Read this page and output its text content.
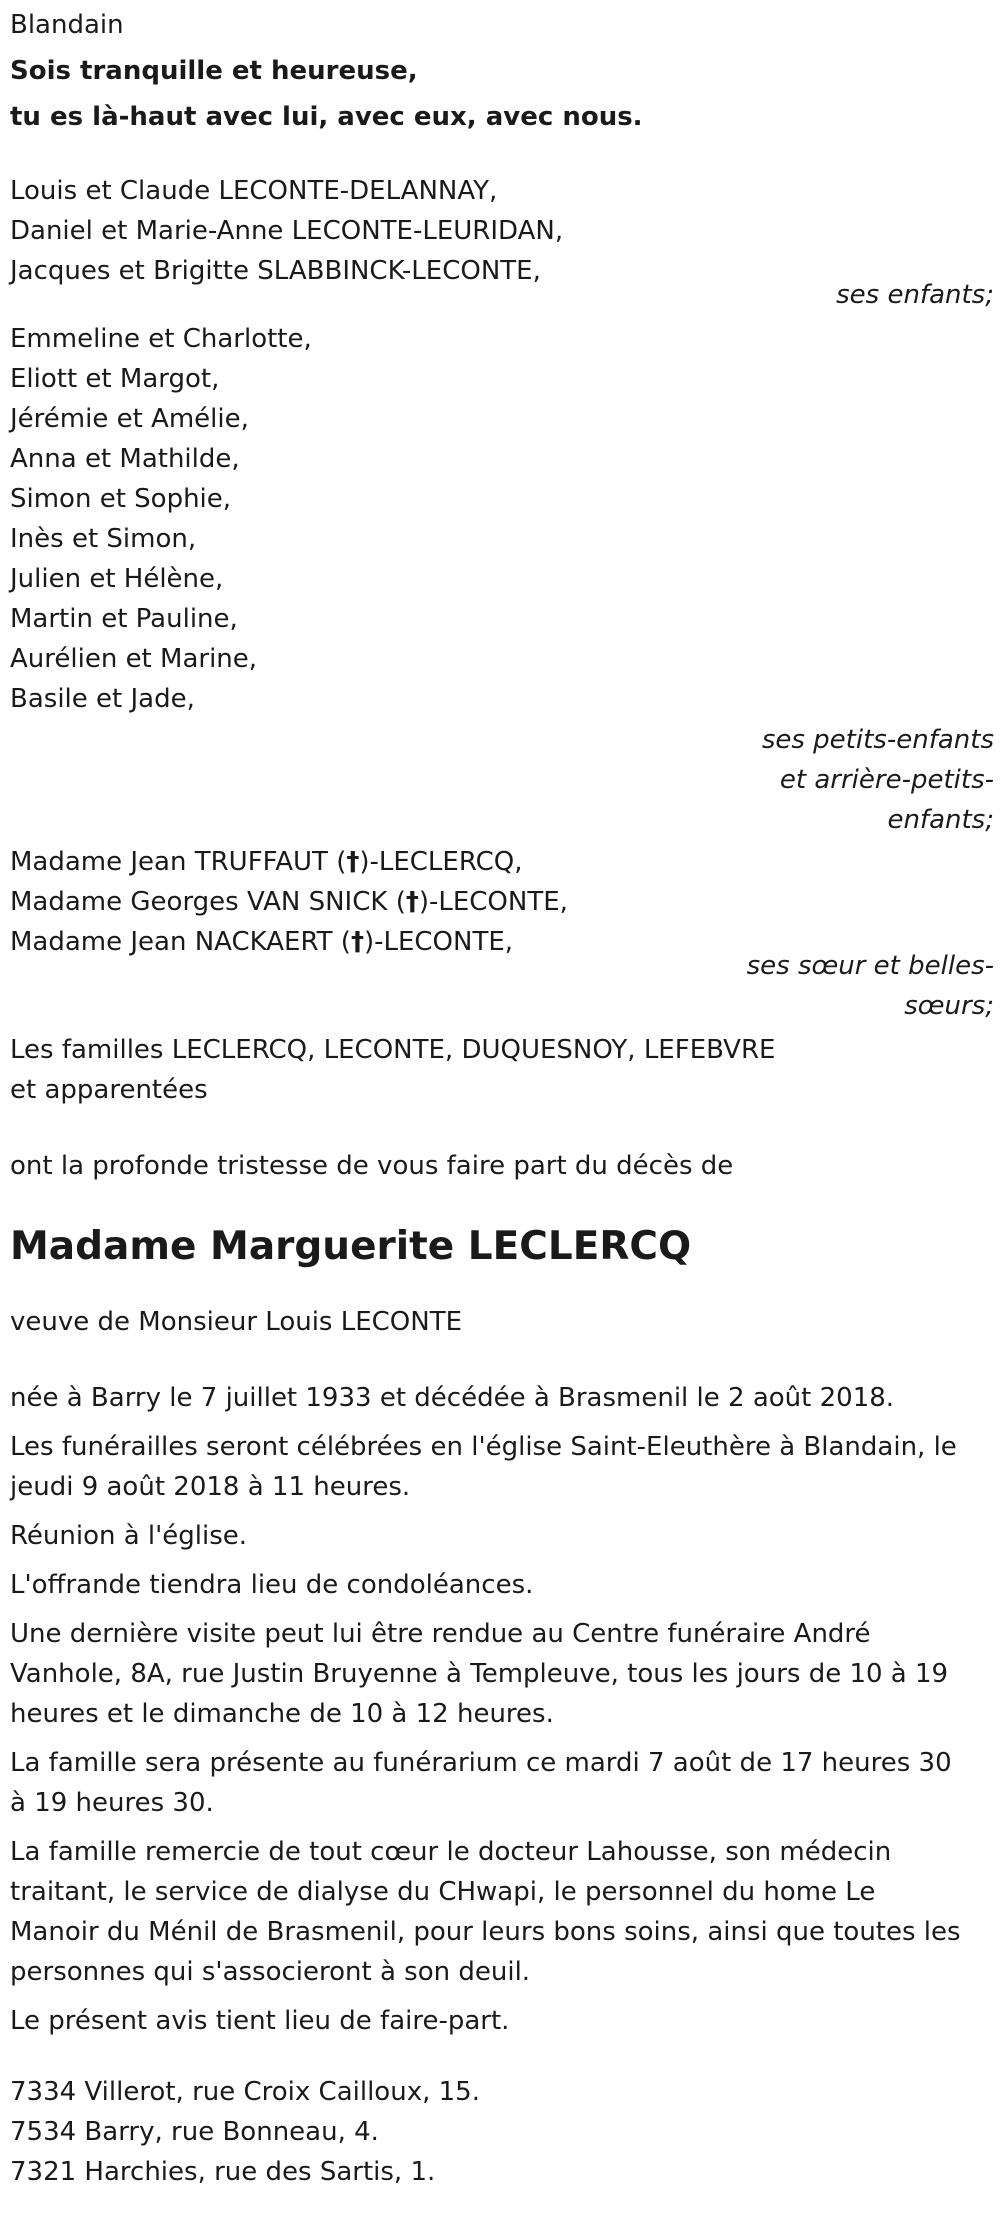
Blandain
Sois tranquille et heureuse,
tu es là-haut avec lui, avec eux, avec nous.
Louis et Claude LECONTE-DELANNAY,
Daniel et Marie-Anne LECONTE-LEURIDAN,
Jacques et Brigitte SLABBINCK-LECONTE,
ses enfants;
Emmeline et Charlotte,
Eliott et Margot,
Jérémie et Amélie,
Anna et Mathilde,
Simon et Sophie,
Inès et Simon,
Julien et Hélène,
Martin et Pauline,
Aurélien et Marine,
Basile et Jade,
ses petits-enfants
et arrière-petits-
enfants;
Madame Jean TRUFFAUT (†)-LECLERCQ,
Madame Georges VAN SNICK (†)-LECONTE,
Madame Jean NACKAERT (†)-LECONTE,
ses sœur et belles-
sœurs;
Les familles LECLERCQ, LECONTE, DUQUESNOY, LEFEBVRE
et apparentées
ont la profonde tristesse de vous faire part du décès de
Madame Marguerite LECLERCQ
veuve de Monsieur Louis LECONTE
née à Barry le 7 juillet 1933 et décédée à Brasmenil le 2 août 2018.
Les funérailles seront célébrées en l'église Saint-Eleuthère à Blandain, le
jeudi 9 août 2018 à 11 heures.
Réunion à l'église.
L'offrande tiendra lieu de condoléances.
Une dernière visite peut lui être rendue au Centre funéraire André
Vanhole, 8A, rue Justin Bruyenne à Templeuve, tous les jours de 10 à 19
heures et le dimanche de 10 à 12 heures.
La famille sera présente au funérarium ce mardi 7 août de 17 heures 30
à 19 heures 30.
La famille remercie de tout cœur le docteur Lahousse, son médecin
traitant, le service de dialyse du CHwapi, le personnel du home Le
Manoir du Ménil de Brasmenil, pour leurs bons soins, ainsi que toutes les
personnes qui s'associeront à son deuil.
Le présent avis tient lieu de faire-part.
7334 Villerot, rue Croix Cailloux, 15.
7534 Barry, rue Bonneau, 4.
7321 Harchies, rue des Sartis, 1.
